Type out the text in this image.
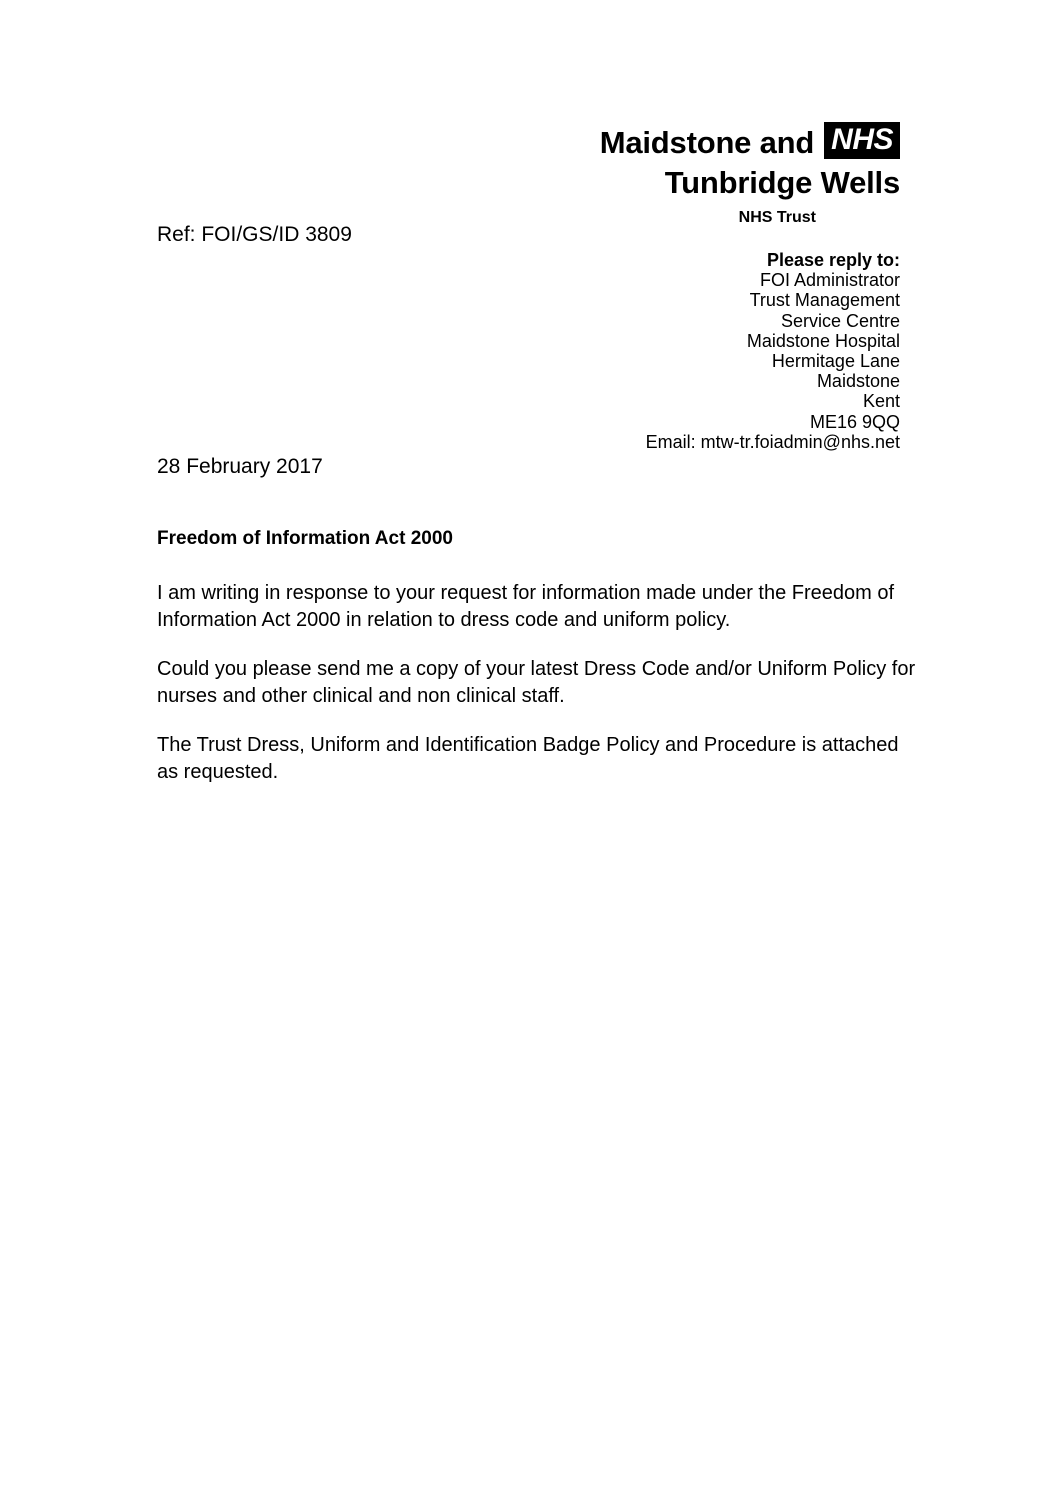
Maidstone and NHS
Tunbridge Wells
NHS Trust
Ref: FOI/GS/ID 3809
Please reply to:
FOI Administrator
Trust Management
Service Centre
Maidstone Hospital
Hermitage Lane
Maidstone
Kent
ME16 9QQ
Email: mtw-tr.foiadmin@nhs.net
28 February 2017
Freedom of Information Act 2000

I am writing in response to your request for information made under the Freedom of Information Act 2000 in relation to dress code and uniform policy.

Could you please send me a copy of your latest Dress Code and/or Uniform Policy for nurses and other clinical and non clinical staff.

The Trust Dress, Uniform and Identification Badge Policy and Procedure is attached as requested.
